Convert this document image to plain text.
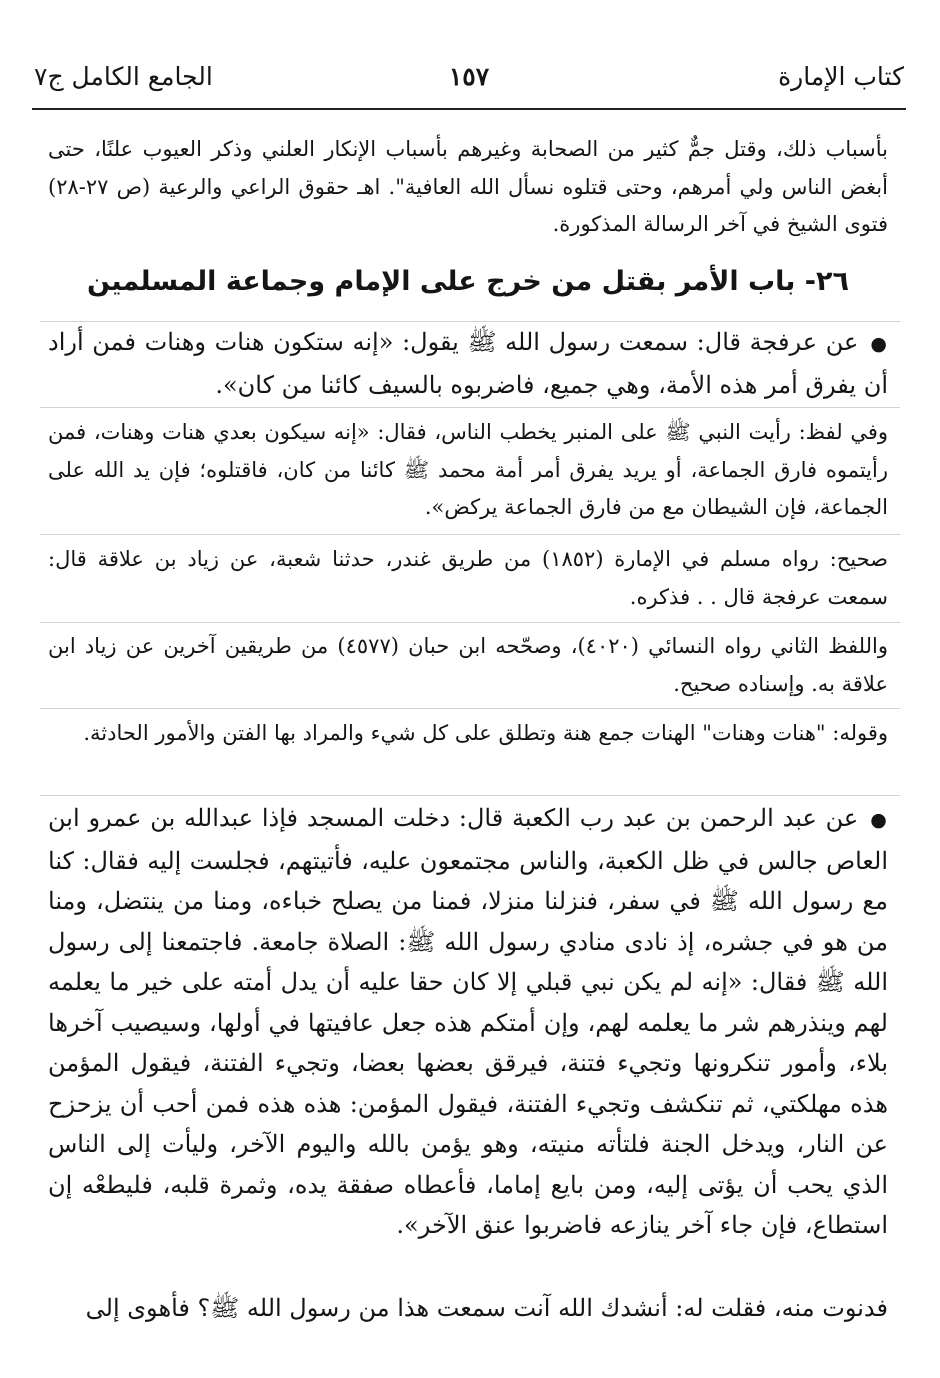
كتاب الإمارة
١٥٧
الجامع الكامل ج٧

بأسباب ذلك، وقتل جمٌّ كثير من الصحابة وغيرهم بأسباب الإنكار العلني وذكر العيوب علنًا، حتى أبغض الناس ولي أمرهم، وحتى قتلوه نسأل الله العافية". اهـ حقوق الراعي والرعية (ص ٢٧-٢٨) فتوى الشيخ في آخر الرسالة المذكورة.

٢٦- باب الأمر بقتل من خرج على الإمام وجماعة المسلمين

●عن عرفجة قال: سمعت رسول الله ﷺ يقول: «إنه ستكون هنات وهنات فمن أراد أن يفرق أمر هذه الأمة، وهي جميع، فاضربوه بالسيف كائنا من كان».

وفي لفظ: رأيت النبي ﷺ على المنبر يخطب الناس، فقال: «إنه سيكون بعدي هنات وهنات، فمن رأيتموه فارق الجماعة، أو يريد يفرق أمر أمة محمد ﷺ كائنا من كان، فاقتلوه؛ فإن يد الله على الجماعة، فإن الشيطان مع من فارق الجماعة يركض».

صحيح: رواه مسلم في الإمارة (١٨٥٢) من طريق غندر، حدثنا شعبة، عن زياد بن علاقة قال: سمعت عرفجة قال . . فذكره.

واللفظ الثاني رواه النسائي (٤٠٢٠)، وصحّحه ابن حبان (٤٥٧٧) من طريقين آخرين عن زياد ابن علاقة به. وإسناده صحيح.

وقوله: "هنات وهنات" الهنات جمع هنة وتطلق على كل شيء والمراد بها الفتن والأمور الحادثة.

●عن عبد الرحمن بن عبد رب الكعبة قال: دخلت المسجد فإذا عبدالله بن عمرو ابن العاص جالس في ظل الكعبة، والناس مجتمعون عليه، فأتيتهم، فجلست إليه فقال: كنا مع رسول الله ﷺ في سفر، فنزلنا منزلا، فمنا من يصلح خباءه، ومنا من ينتضل، ومنا من هو في جشره، إذ نادى منادي رسول الله ﷺ: الصلاة جامعة. فاجتمعنا إلى رسول الله ﷺ فقال: «إنه لم يكن نبي قبلي إلا كان حقا عليه أن يدل أمته على خير ما يعلمه لهم وينذرهم شر ما يعلمه لهم، وإن أمتكم هذه جعل عافيتها في أولها، وسيصيب آخرها بلاء، وأمور تنكرونها وتجيء فتنة، فيرقق بعضها بعضا، وتجيء الفتنة، فيقول المؤمن هذه مهلكتي، ثم تنكشف وتجيء الفتنة، فيقول المؤمن: هذه هذه فمن أحب أن يزحزح عن النار، ويدخل الجنة فلتأته منيته، وهو يؤمن بالله واليوم الآخر، وليأت إلى الناس الذي يحب أن يؤتى إليه، ومن بايع إماما، فأعطاه صفقة يده، وثمرة قلبه، فليطعْه إن استطاع، فإن جاء آخر ينازعه فاضربوا عنق الآخر».

فدنوت منه، فقلت له: أنشدك الله آنت سمعت هذا من رسول الله ﷺ؟ فأهوى إلى
